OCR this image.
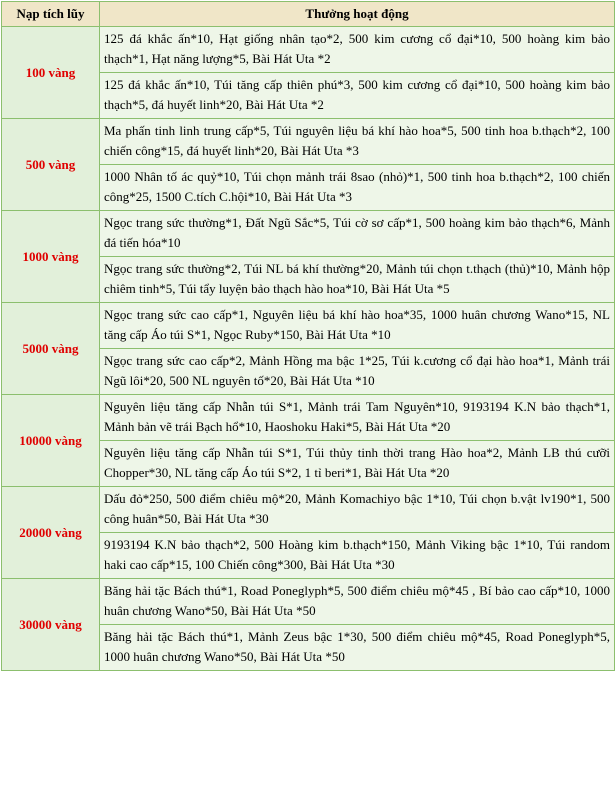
Nạp tích lũy	Thưởng hoạt động
100 vàng	125 đá khắc ấn*10, Hạt giống nhân tạo*2, 500 kim cương cổ đại*10, 500 hoàng kim bảo thạch*1, Hạt năng lượng*5, Bài Hát Uta *2
	125 đá khắc ấn*10, Túi tăng cấp thiên phú*3, 500 kim cương cổ đại*10, 500 hoàng kim bảo thạch*5, đá huyết linh*20, Bài Hát Uta *2
500 vàng	Ma phấn tinh linh trung cấp*5, Túi nguyên liệu bá khí hào hoa*5, 500 tinh hoa b.thạch*2, 100 chiến công*15, đá huyết linh*20, Bài Hát Uta *3
	1000 Nhân tố ác quỷ*10, Túi chọn mảnh trái 8sao (nhỏ)*1, 500 tinh hoa b.thạch*2, 100 chiến công*25, 1500 C.tích C.hội*10, Bài Hát Uta *3
1000 vàng	Ngọc trang sức thường*1, Đất Ngũ Sắc*5, Túi cờ sơ cấp*1, 500 hoàng kim bảo thạch*6, Mảnh đá tiến hóa*10
	Ngọc trang sức thường*2, Túi NL bá khí thường*20, Mảnh túi chọn t.thạch (thủ)*10, Mảnh hộp chiêm tinh*5, Túi tẩy luyện bảo thạch hào hoa*10, Bài Hát Uta *5
5000 vàng	Ngọc trang sức cao cấp*1, Nguyên liệu bá khí hào hoa*35, 1000 huân chương Wano*15, NL tăng cấp Áo túi S*1, Ngọc Ruby*150, Bài Hát Uta *10
	Ngọc trang sức cao cấp*2, Mảnh Hồng ma bậc 1*25, Túi k.cương cổ đại hào hoa*1, Mảnh trái Ngũ lôi*20, 500 NL nguyên tố*20, Bài Hát Uta *10
10000 vàng	Nguyên liệu tăng cấp Nhẫn túi S*1, Mảnh trái Tam Nguyên*10, 9193194 K.N bảo thạch*1, Mảnh bản vẽ trái Bạch hổ*10, Haoshoku Haki*5, Bài Hát Uta *20
	Nguyên liệu tăng cấp Nhẫn túi S*1, Túi thủy tinh thời trang Hào hoa*2, Mảnh LB thú cưỡi Chopper*30, NL tăng cấp Áo túi S*2, 1 tỉ beri*1, Bài Hát Uta *20
20000 vàng	Dấu đỏ*250, 500 điểm chiêu mộ*20, Mảnh Komachiyo bậc 1*10, Túi chọn b.vật lv190*1, 500 công huân*50, Bài Hát Uta *30
	9193194 K.N bảo thạch*2, 500 Hoàng kim b.thạch*150, Mảnh Viking bậc 1*10, Túi random haki cao cấp*15, 100 Chiến công*300, Bài Hát Uta *30
30000 vàng	Băng hải tặc Bách thú*1, Road Poneglyph*5, 500 điểm chiêu mộ*45 , Bí bảo cao cấp*10, 1000 huân chương Wano*50, Bài Hát Uta *50
	Băng hải tặc Bách thú*1, Mảnh Zeus bậc 1*30, 500 điểm chiêu mộ*45, Road Poneglyph*5, 1000 huân chương Wano*50, Bài Hát Uta *50
